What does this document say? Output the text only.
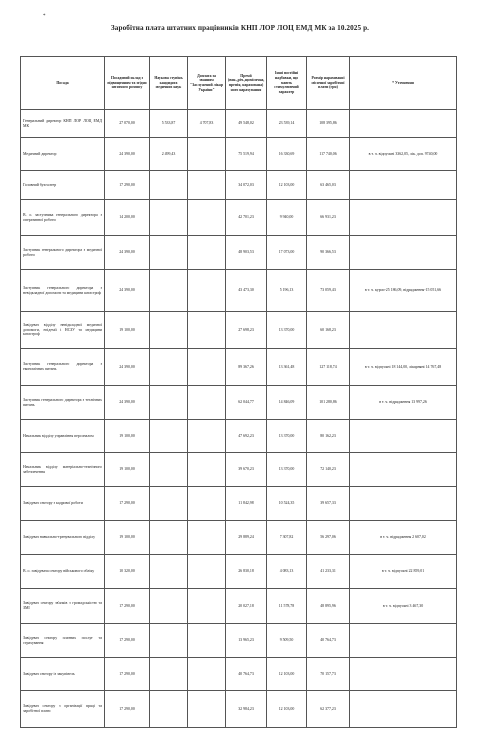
*
Заробітна плата штатних працівників КНП ЛОР ЛОЦ ЕМД МК за 10.2025 р.
Посада	Посадовий оклад з підвищенням та згідно штатного розпису	Наукова ступінь кандидата медичних наук	Доплата за званням "Заслужений лікар України"	Премії (вик.,річ.,щомісячна, премія, нарахована) ного нарахування	Інші постійні надбавки, що мають стимулюючий характер	Розмір нарахованої місячної заробітної плати (грн)	* Уточнення
Генеральний директор КНП ЛОР ЛОЦ ЕМД МК	27 070,00	5 533,87	4 707,83	49 548,02	23 539,14	108 395,86	
Медичний директор	24 390,00	2 499,43		75 519,94	16 330,69	117 740,06	в т. ч. відпускні 3362,05, лік. доп. 9740,00
Головний бухгалтер	17 290,00			34 072,03	12 103,00	63 465,03	
В. о. заступника генерального директора з оперативної роботи	14 200,00			42 701,23	9 940,00	66 931,23	
Заступник генерального директора з медичної роботи	24 390,00			48 903,53	17 073,00	90 366,53	
Заступник генерального директора з невідкладної допомоги та медицини катастроф	24 390,00			43 473,30	5 196,13	73 059,43	в т. ч. курси-25 186,09, відрядження-15 051,66
Завідувач відділу невідкладної медичної допомоги, епідемії і НСЗУ та медицини катастроф	19 100,00			27 698,23	13 370,00	60 168,23	
Заступник генерального директора з економічних питань	24 390,00			89 367,26	13 361,48	127 118,74	в т. ч. відпускні 18 144,00, лікарняні 14 767,48
Заступник генерального директора з технічних питань	24 390,00			62 044,77	14 846,09	101 280,86	в т. ч. відрядження 13 997,26
Начальник відділу управління персоналом	19 100,00			47 692,23	13 370,00	80 162,23	
Начальник відділу матеріально-технічного забезпечення	19 100,00			39 670,23	13 370,00	72 140,23	
Завідувач сектору з кадрової роботи	17 290,00			11 842,98	10 524,35	39 657,33	
Завідувач навчально-тренувального відділу	19 100,00			29 889,24	7 307,82	56 297,06	в т. ч. відрядження 2 607,02
В. о. завідувача сектору військового обліку	10 320,00			26 830,18	4 083,13	41 233,31	в т. ч. відпускні 22 859,01
Завідувач сектору зв'язків з громадськістю та ЗМІ	17 290,00			20 027,18	11 578,78	48 895,96	в т. ч. відпускні 3 467,30
Завідувач сектору платних послуг та страхування	17 290,00			13 965,23	9 509,50	40 764,73	
Завідувач сектору із закупівель	17 290,00			40 764,73	12 103,00	70 157,73	
Завідувач сектору з організації праці та заробітної плати	17 290,00			32 984,23	12 103,00	62 377,23	
